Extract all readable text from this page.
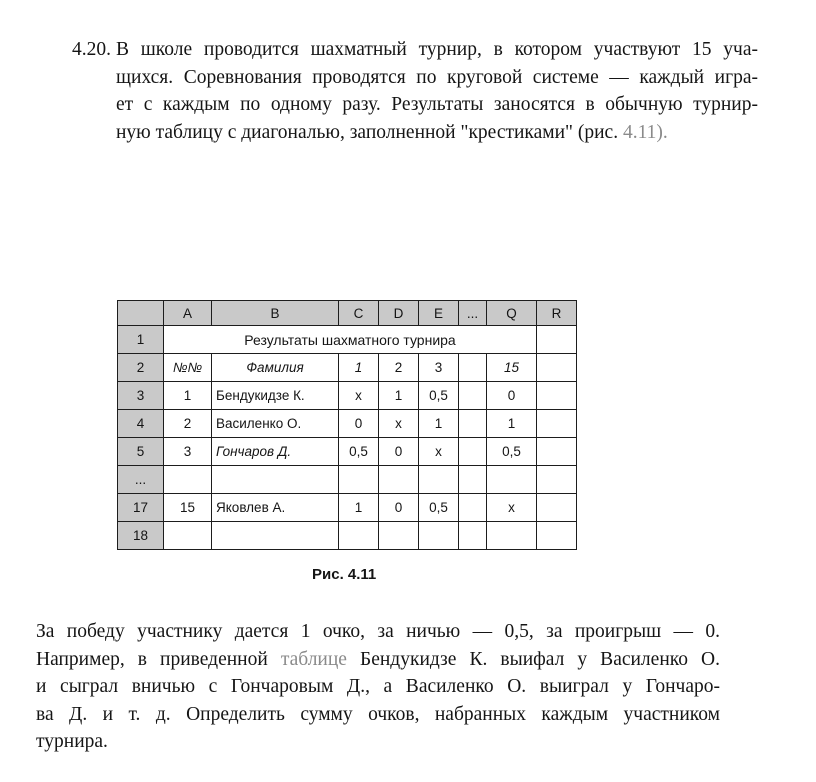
4.20. В школе проводится шахматный турнир, в котором участвуют 15 уча-
щихся. Соревнования проводятся по круговой системе — каждый игра-
ет с каждым по одному разу. Результаты заносятся в обычную турнир-
ную таблицу с диагональю, заполненной "крестиками" (рис. 4.11).
	A	B	C	D	E	...	Q	R
1	Результаты шахматного турнира							
2	№№	Фамилия	1	2	3		15	
3	1	Бендукидзе К.	x	1	0,5		0	
4	2	Василенко О.	0	x	1		1	
5	3	Гончаров Д.	0,5	0	x		0,5	
...								
17	15	Яковлев А.	1	0	0,5		x	
18								

Рис. 4.11

За победу участнику дается 1 очко, за ничью — 0,5, за проигрыш — 0.
Например, в приведенной таблице Бендукидзе К. выифал у Василенко О.
и сыграл вничью с Гончаровым Д., а Василенко О. выиграл у Гончаро-
ва Д. и т. д. Определить сумму очков, набранных каждым участником
турнира.
